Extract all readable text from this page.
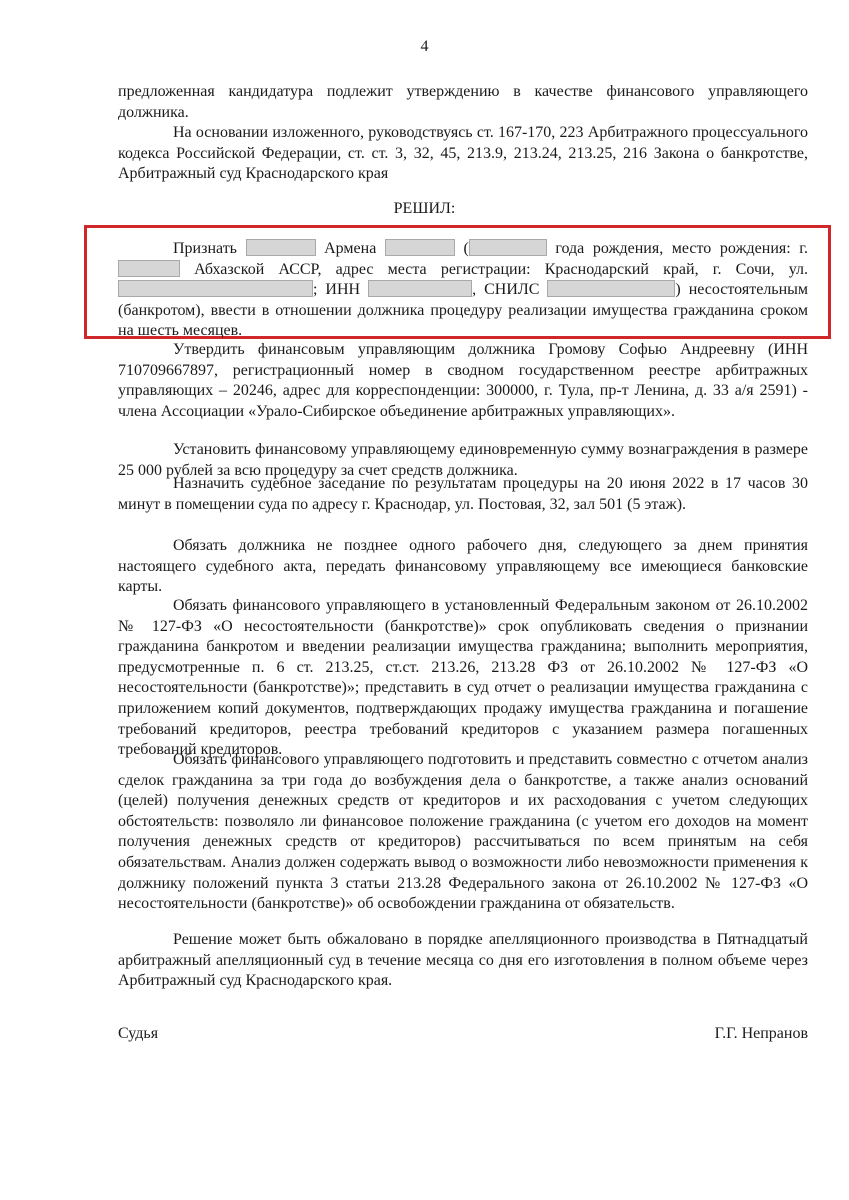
4

предложенная кандидатура подлежит утверждению в качестве финансового управляющего должника.

На основании изложенного, руководствуясь ст. 167-170, 223 Арбитражного процессуального кодекса Российской Федерации, ст. ст. 3, 32, 45, 213.9, 213.24, 213.25, 216 Закона о банкротстве, Арбитражный суд Краснодарского края

РЕШИЛ:

Признать	Армена	(	года рождения, место рождения: г.  Абхазской АССР, адрес места регистрации: Краснодарский край, г. Сочи, ул. ; ИНН	, СНИЛС	) несостоятельным (банкротом), ввести в отношении должника процедуру реализации имущества гражданина сроком на шесть месяцев.

Утвердить финансовым управляющим должника Громову Софью Андреевну (ИНН 710709667897, регистрационный номер в сводном государственном реестре арбитражных управляющих – 20246, адрес для корреспонденции: 300000, г. Тула, пр-т Ленина, д. 33 а/я 2591) - члена Ассоциации «Урало-Сибирское объединение арбитражных управляющих».

Установить финансовому управляющему единовременную сумму вознаграждения в размере 25 000 рублей за всю процедуру за счет средств должника.

Назначить судебное заседание по результатам процедуры на 20 июня 2022 в 17 часов 30 минут в помещении суда по адресу г. Краснодар, ул. Постовая, 32, зал 501 (5 этаж).

Обязать должника не позднее одного рабочего дня, следующего за днем принятия настоящего судебного акта, передать финансовому управляющему все имеющиеся банковские карты.

Обязать финансового управляющего в установленный Федеральным законом от 26.10.2002 № 127-ФЗ «О несостоятельности (банкротстве)» срок опубликовать сведения о признании гражданина банкротом и введении реализации имущества гражданина; выполнить мероприятия, предусмотренные п. 6 ст. 213.25, ст.ст. 213.26, 213.28 ФЗ от 26.10.2002 № 127-ФЗ «О несостоятельности (банкротстве)»; представить в суд отчет о реализации имущества гражданина с приложением копий документов, подтверждающих продажу имущества гражданина и погашение требований кредиторов, реестра требований кредиторов с указанием размера погашенных требований кредиторов.

Обязать финансового управляющего подготовить и представить совместно с отчетом анализ сделок гражданина за три года до возбуждения дела о банкротстве, а также анализ оснований (целей) получения денежных средств от кредиторов и их расходования с учетом следующих обстоятельств: позволяло ли финансовое положение гражданина (с учетом его доходов на момент получения денежных средств от кредиторов) рассчитываться по всем принятым на себя обязательствам. Анализ должен содержать вывод о возможности либо невозможности применения к должнику положений пункта 3 статьи 213.28 Федерального закона от 26.10.2002 № 127-ФЗ «О несостоятельности (банкротстве)» об освобождении гражданина от обязательств.

Решение может быть обжаловано в порядке апелляционного производства в Пятнадцатый арбитражный апелляционный суд в течение месяца со дня его изготовления в полном объеме через Арбитражный суд Краснодарского края.

Судья	Г.Г. Непранов
